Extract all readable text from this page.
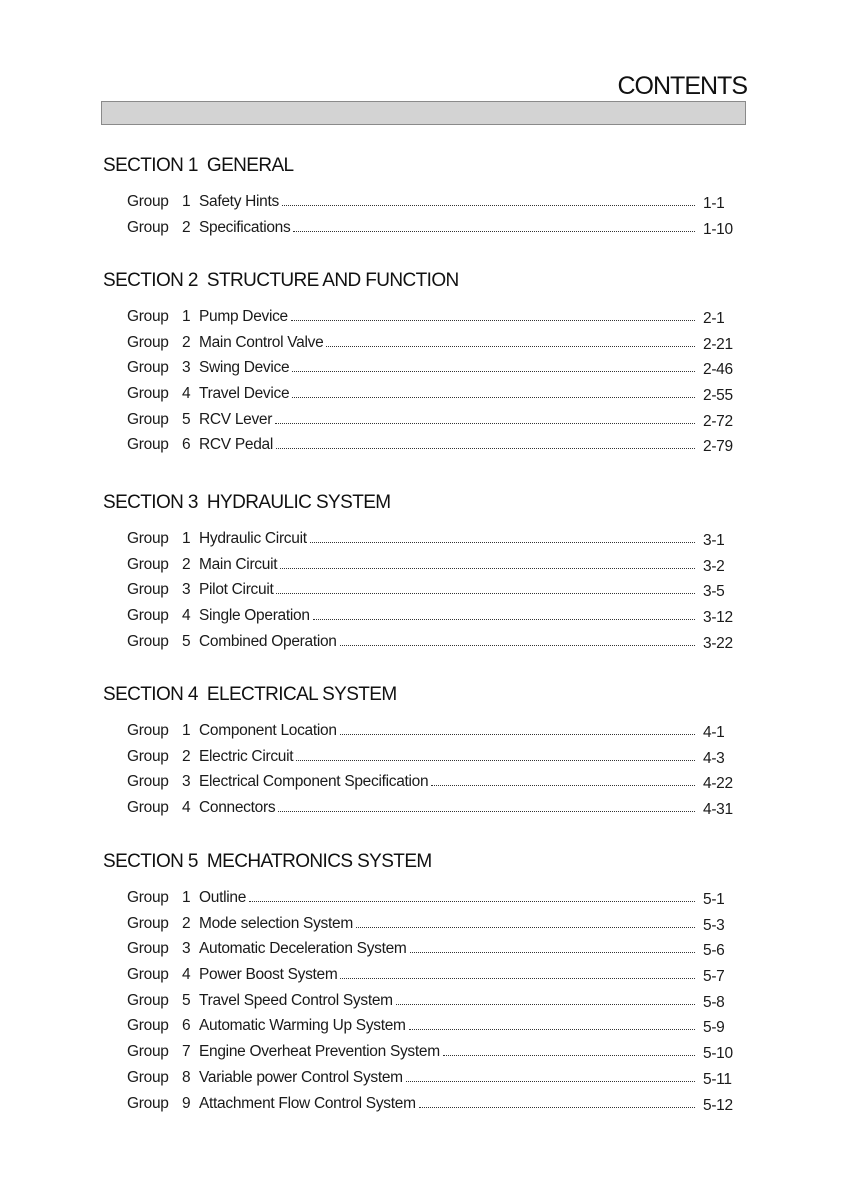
CONTENTS
SECTION 1 GENERAL
Group 1 Safety Hints	1-1
Group 2 Specifications	1-10
SECTION 2 STRUCTURE AND FUNCTION
Group 1 Pump Device	2-1
Group 2 Main Control Valve	2-21
Group 3 Swing Device	2-46
Group 4 Travel Device	2-55
Group 5 RCV Lever	2-72
Group 6 RCV Pedal	2-79
SECTION 3 HYDRAULIC SYSTEM
Group 1 Hydraulic Circuit	3-1
Group 2 Main Circuit	3-2
Group 3 Pilot Circuit	3-5
Group 4 Single Operation	3-12
Group 5 Combined Operation	3-22
SECTION 4 ELECTRICAL SYSTEM
Group 1 Component Location	4-1
Group 2 Electric Circuit	4-3
Group 3 Electrical Component Specification	4-22
Group 4 Connectors	4-31
SECTION 5 MECHATRONICS SYSTEM
Group 1 Outline	5-1
Group 2 Mode selection System	5-3
Group 3 Automatic Deceleration System	5-6
Group 4 Power Boost System	5-7
Group 5 Travel Speed Control System	5-8
Group 6 Automatic Warming Up System	5-9
Group 7 Engine Overheat Prevention System	5-10
Group 8 Variable power Control System	5-11
Group 9 Attachment Flow Control System	5-12
